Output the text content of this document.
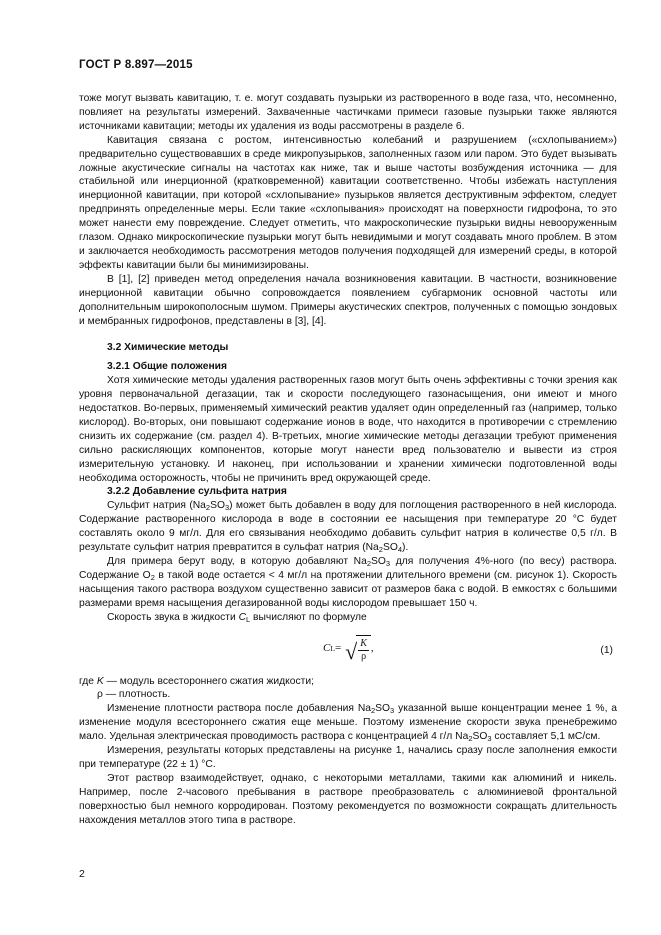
ГОСТ Р 8.897—2015

тоже могут вызвать кавитацию, т. е. могут создавать пузырьки из растворенного в воде газа, что, несомненно, повлияет на результаты измерений. Захваченные частичками примеси газовые пузырьки также являются источниками кавитации; методы их удаления из воды рассмотрены в разделе 6.

Кавитация связана с ростом, интенсивностью колебаний и разрушением («схлопыванием») предварительно существовавших в среде микропузырьков, заполненных газом или паром. Это будет вызывать ложные акустические сигналы на частотах как ниже, так и выше частоты возбуждения источника — для стабильной или инерционной (кратковременной) кавитации соответственно. Чтобы избежать наступления инерционной кавитации, при которой «схлопывание» пузырьков является деструктивным эффектом, следует предпринять определенные меры. Если такие «схлопывания» происходят на поверхности гидрофона, то это может нанести ему повреждение. Следует отметить, что макроскопические пузырьки видны невооруженным глазом. Однако микроскопические пузырьки могут быть невидимыми и могут создавать много проблем. В этом и заключается необходимость рассмотрения методов получения подходящей для измерений среды, в которой эффекты кавитации были бы минимизированы.

В [1], [2] приведен метод определения начала возникновения кавитации. В частности, возникновение инерционной кавитации обычно сопровождается появлением субгармоник основной частоты или дополнительным широкополосным шумом. Примеры акустических спектров, полученных с помощью зондовых и мембранных гидрофонов, представлены в [3], [4].

3.2 Химические методы

3.2.1 Общие положения

Хотя химические методы удаления растворенных газов могут быть очень эффективны с точки зрения как уровня первоначальной дегазации, так и скорости последующего газонасыщения, они имеют и много недостатков. Во-первых, применяемый химический реактив удаляет один определенный газ (например, только кислород). Во-вторых, они повышают содержание ионов в воде, что находится в противоречии с стремлению снизить их содержание (см. раздел 4). В-третьих, многие химические методы дегазации требуют применения сильно раскисляющих компонентов, которые могут нанести вред пользователю и вывести из строя измерительную установку. И наконец, при использовании и хранении химически подготовленной воды необходима осторожность, чтобы не причинить вред окружающей среде.

3.2.2 Добавление сульфита натрия

Сульфит натрия $(Na_2SO_3)$ может быть добавлен в воду для поглощения растворенного в ней кислорода. Содержание растворенного кислорода в воде в состоянии ее насыщения при температуре 20 °С будет составлять около 9 мг/л. Для его связывания необходимо добавить сульфит натрия в количестве 0,5 г/л. В результате сульфит натрия превратится в сульфат натрия $(Na_2SO_4)$.

Для примера берут воду, в которую добавляют $Na_2SO_3$ для получения 4%-ного (по весу) раствора. Содержание $O_2$ в такой воде остается < 4 мг/л на протяжении длительного времени (см. рисунок 1). Скорость насыщения такого раствора воздухом существенно зависит от размеров бака с водой. В емкостях с большими размерами время насыщения дегазированной воды кислородом превышает 150 ч.

Скорость звука в жидкости $C_L$ вычисляют по формуле

C L = √ $\frac{K}{\rho}$ ,	(1)

где K — модуль всестороннего сжатия жидкости;

ρ — плотность.

Изменение плотности раствора после добавления $Na_2SO_3$ указанной выше концентрации менее 1 %, а изменение модуля всестороннего сжатия еще меньше. Поэтому изменение скорости звука пренебрежимо мало. Удельная электрическая проводимость раствора с концентрацией 4 г/л $Na_2SO_3$ составляет 5,1 мС/см.

Измерения, результаты которых представлены на рисунке 1, начались сразу после заполнения емкости при температуре (22 ± 1) °С.

Этот раствор взаимодействует, однако, с некоторыми металлами, такими как алюминий и никель. Например, после 2-часового пребывания в растворе преобразователь с алюминиевой фронтальной поверхностью был немного корродирован. Поэтому рекомендуется по возможности сокращать длительность нахождения металлов этого типа в растворе.

2
